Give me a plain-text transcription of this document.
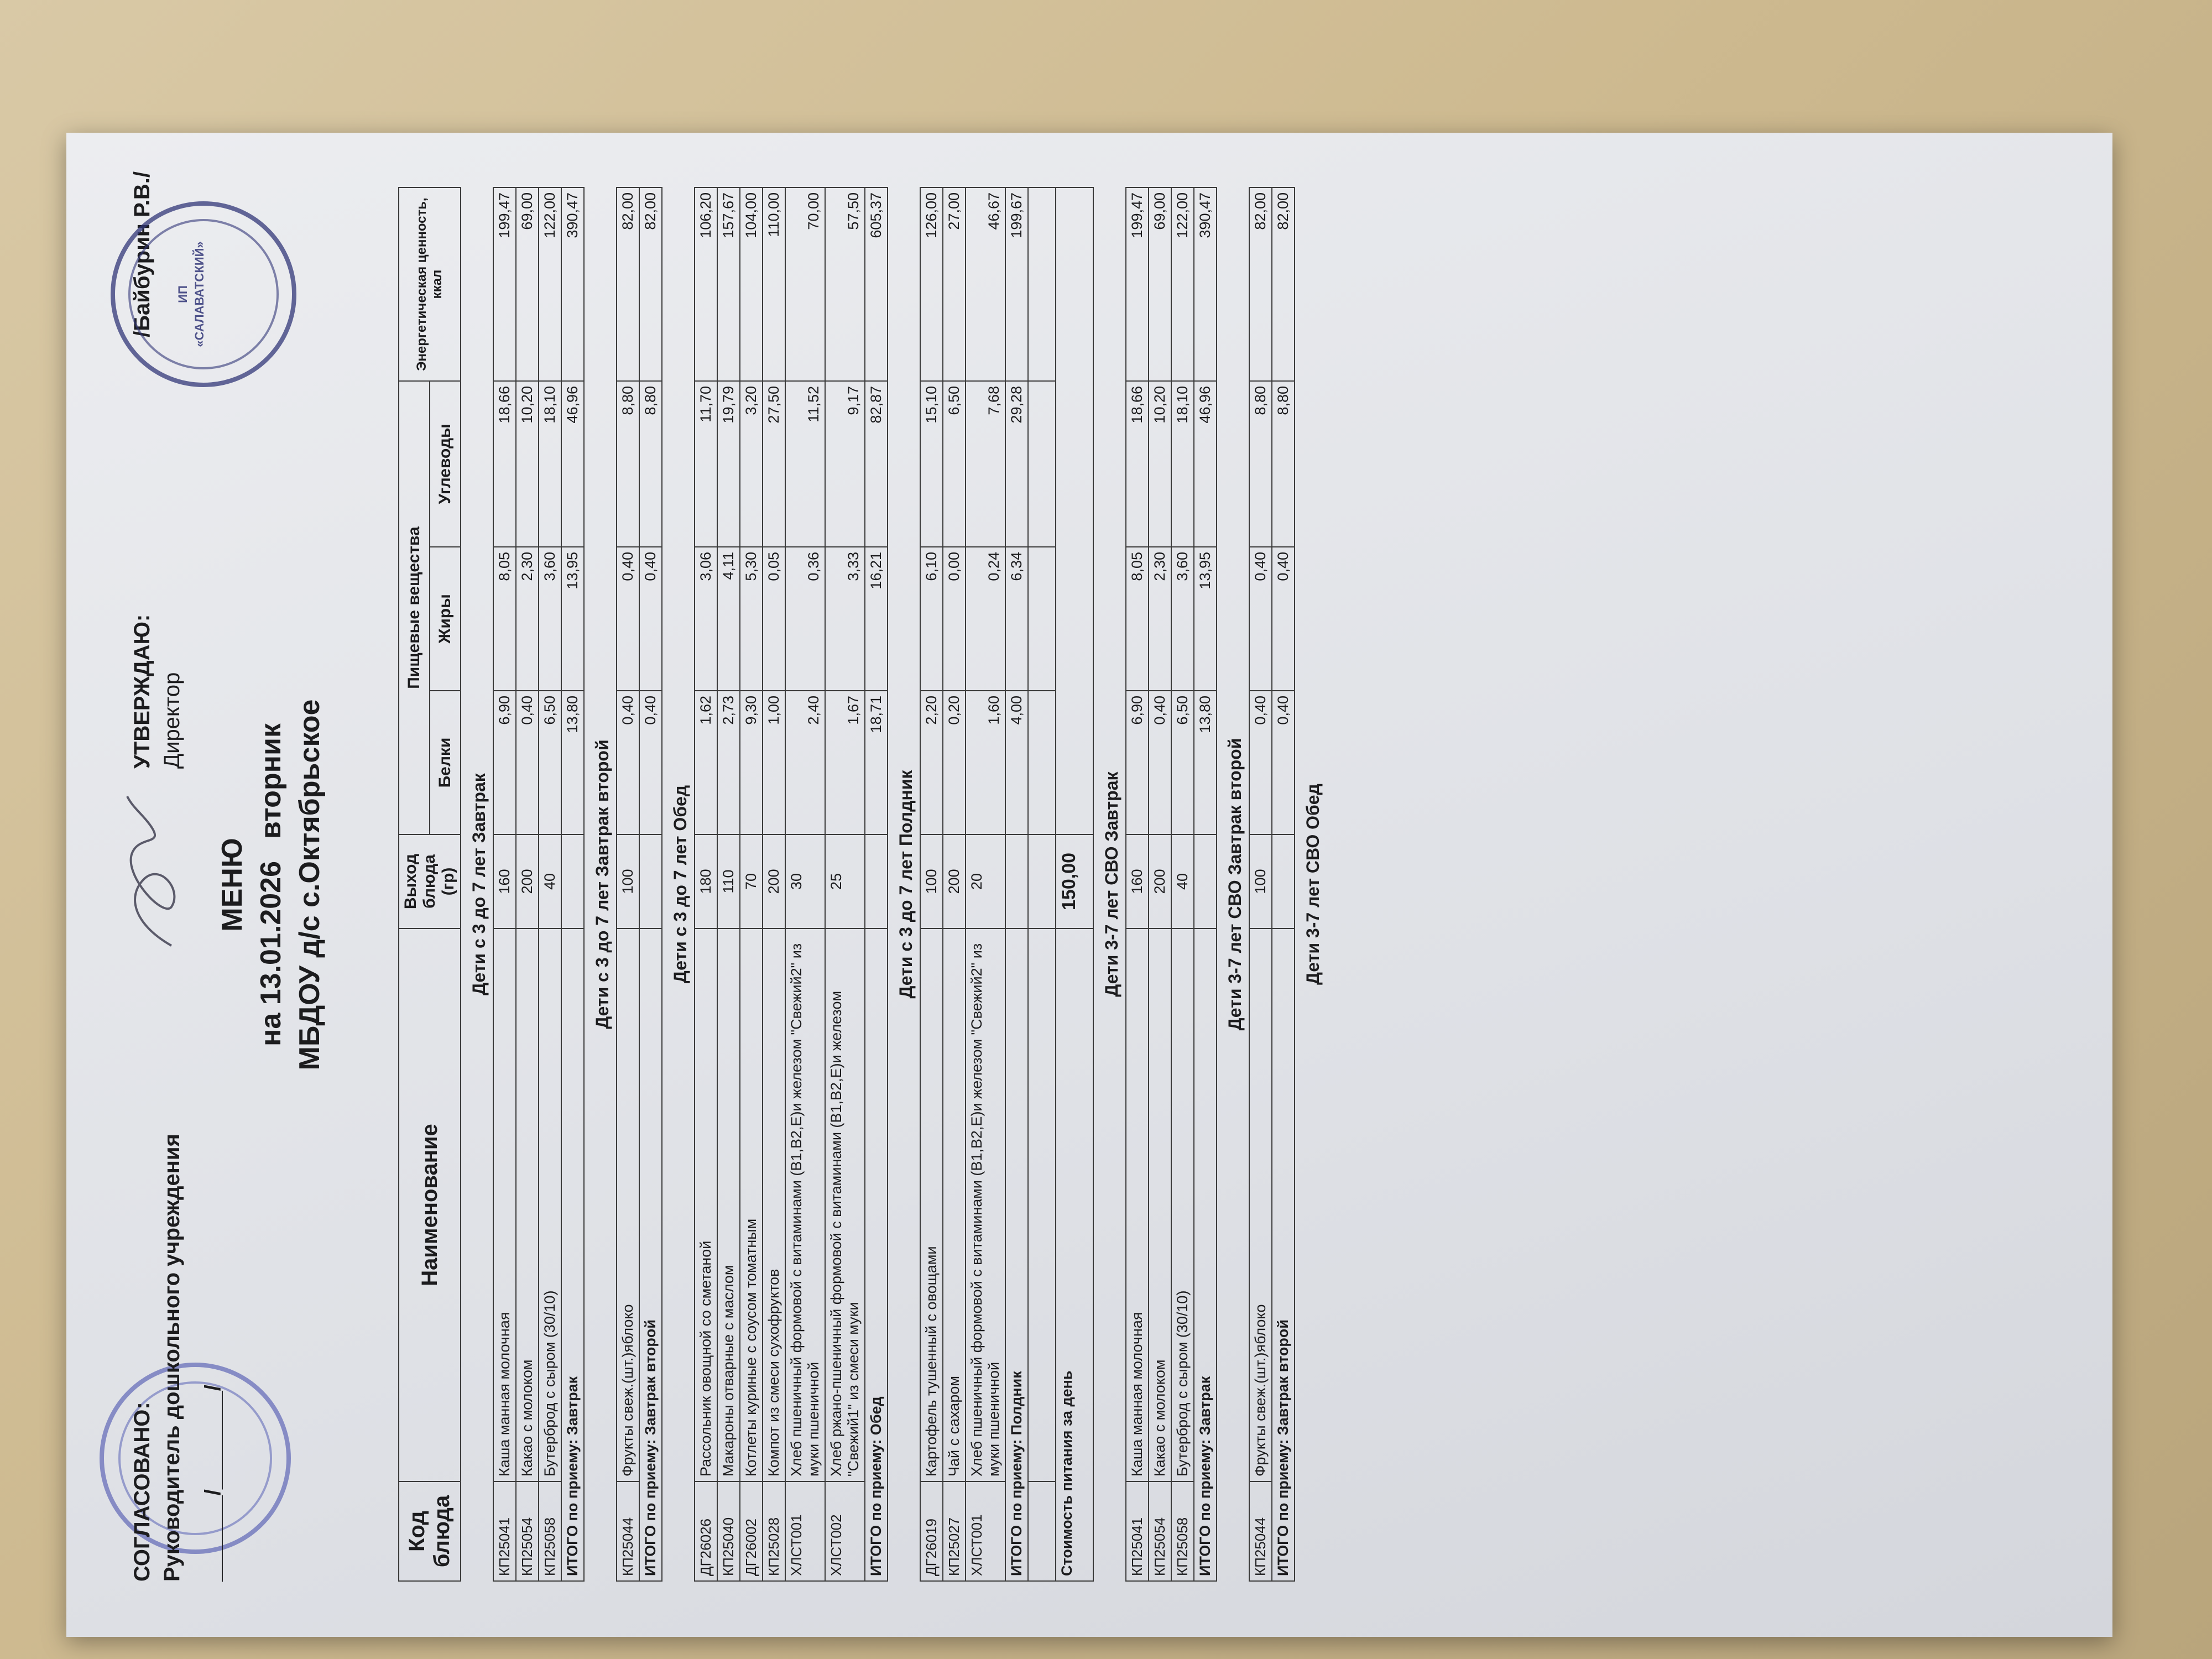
СОГЛАСОВАНО: Руководитель дошкольного учреждения _______/________/
УТВЕРЖДАЮ: Директор
/Байбурин Р.В./ ИП «САЛАВАТСКИЙ»
МЕНЮ на 13.01.2026вторник МБДОУ д/с с.Октябрьское
Код блюда	Наименование	Выход блюда (гр)	Пищевые вещества			Энергетическая ценность, ккал
			Белки	Жиры	Углеводы	
Дети с 3 до 7 лет Завтрак						
КП25041	Каша манная молочная	160	6,90	8,05	18,66	199,47
КП25054	Какао с молоком	200	0,40	2,30	10,20	69,00
КП25058	Бутерброд с сыром (30/10)	40	6,50	3,60	18,10	122,00
ИТОГО по приему: Завтрак			13,80	13,95	46,96	390,47
Дети с 3 до 7 лет Завтрак второй						
КП25044	Фрукты свеж.(шт.)яблоко	100	0,40	0,40	8,80	82,00
ИТОГО по приему: Завтрак второй			0,40	0,40	8,80	82,00
Дети с 3 до 7 лет Обед						
ДГ26026	Рассольник овощной со сметаной	180	1,62	3,06	11,70	106,20
КП25040	Макароны отварные с маслом	110	2,73	4,11	19,79	157,67
ДГ26002	Котлеты куриные с соусом томатным	70	9,30	5,30	3,20	104,00
КП25028	Компот из смеси сухофруктов	200	1,00	0,05	27,50	110,00
ХЛСТ001	Хлеб пшеничный формовой с витаминами (В1,В2,Е)и железом "Свежий2" из муки пшеничной	30	2,40	0,36	11,52	70,00
ХЛСТ002	Хлеб ржано-пшеничный формовой с витаминами (В1,В2,Е)и железом "Свежий1" из смеси муки	25	1,67	3,33	9,17	57,50
ИТОГО по приему: Обед			18,71	16,21	82,87	605,37
Дети с 3 до 7 лет Полдник						
ДГ26019	Картофель тушенный с овощами	100	2,20	6,10	15,10	126,00
КП25027	Чай с сахаром	200	0,20	0,00	6,50	27,00
ХЛСТ001	Хлеб пшеничный формовой с витаминами (В1,В2,Е)и железом "Свежий2" из муки пшеничной	20	1,60	0,24	7,68	46,67
ИТОГО по приему: Полдник			4,00	6,34	29,28	199,67

Стоимость питания за день		150,00				
Дети 3-7 лет СВО Завтрак						
КП25041	Каша манная молочная	160	6,90	8,05	18,66	199,47
КП25054	Какао с молоком	200	0,40	2,30	10,20	69,00
КП25058	Бутерброд с сыром (30/10)	40	6,50	3,60	18,10	122,00
ИТОГО по приему: Завтрак			13,80	13,95	46,96	390,47
Дети 3-7 лет СВО Завтрак второй						
КП25044	Фрукты свеж.(шт.)яблоко	100	0,40	0,40	8,80	82,00
ИТОГО по приему: Завтрак второй			0,40	0,40	8,80	82,00
Дети 3-7 лет СВО Обед						
